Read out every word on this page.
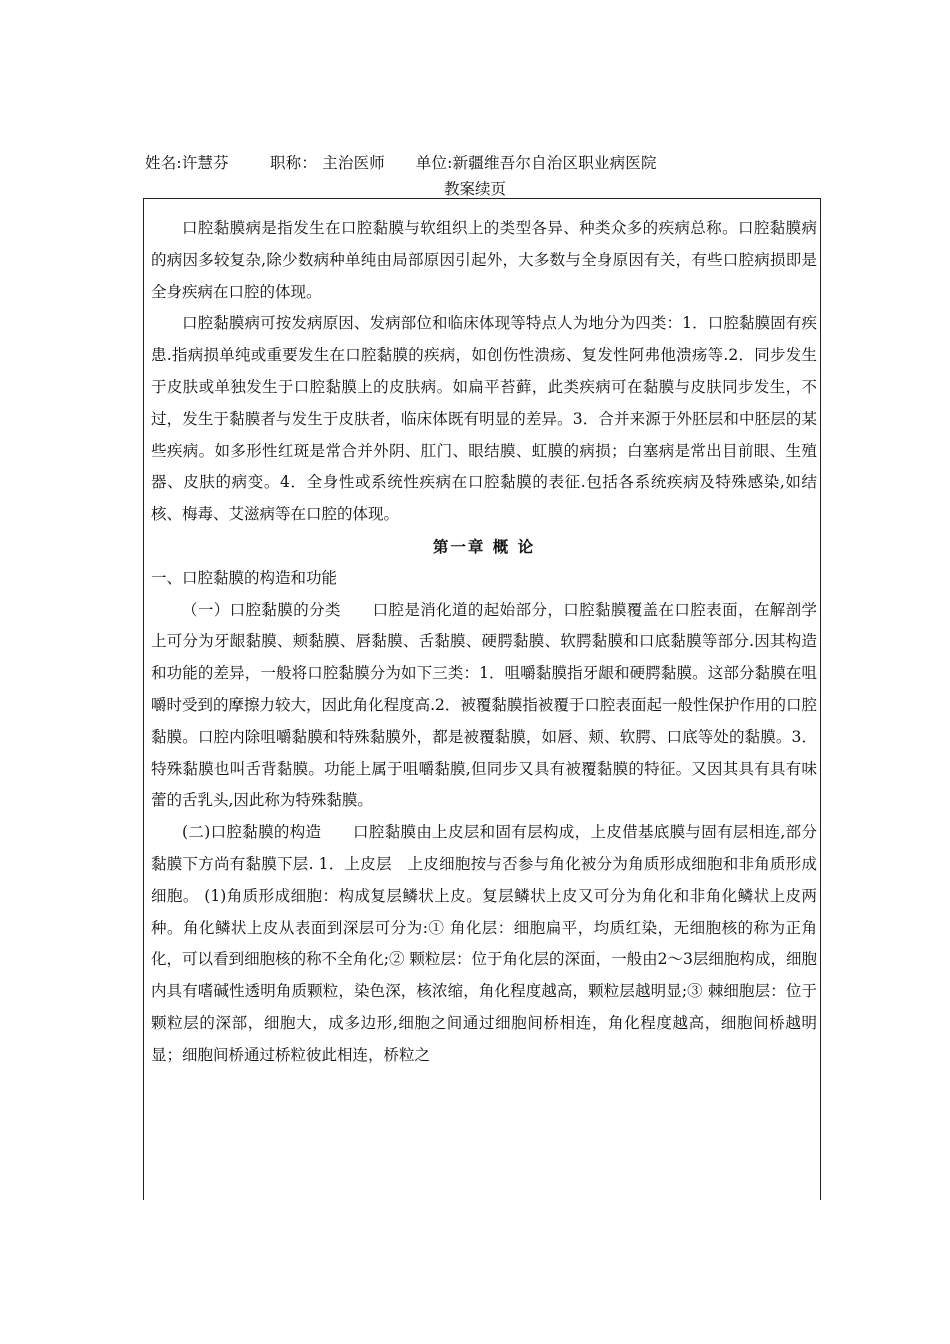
姓名:许慧芬	职称： 主治医师 单位:新疆维吾尔自治区职业病医院
教案续页

口腔黏膜病是指发生在口腔黏膜与软组织上的类型各异、种类众多的疾病总称。口腔黏膜病的病因多较复杂,除少数病种单纯由局部原因引起外，大多数与全身原因有关，有些口腔病损即是全身疾病在口腔的体现。

口腔黏膜病可按发病原因、发病部位和临床体现等特点人为地分为四类：1．口腔黏膜固有疾患.指病损单纯或重要发生在口腔黏膜的疾病，如创伤性溃疡、复发性阿弗他溃疡等.2．同步发生于皮肤或单独发生于口腔黏膜上的皮肤病。如扁平苔藓，此类疾病可在黏膜与皮肤同步发生，不过，发生于黏膜者与发生于皮肤者，临床体既有明显的差异。3．合并来源于外胚层和中胚层的某些疾病。如多形性红斑是常合并外阴、肛门、眼结膜、虹膜的病损；白塞病是常出目前眼、生殖器、皮肤的病变。4．全身性或系统性疾病在口腔黏膜的表征.包括各系统疾病及特殊感染,如结核、梅毒、艾滋病等在口腔的体现。

第一章 概 论

一、口腔黏膜的构造和功能

（一）口腔黏膜的分类　　口腔是消化道的起始部分，口腔黏膜覆盖在口腔表面，在解剖学上可分为牙龈黏膜、颊黏膜、唇黏膜、舌黏膜、硬腭黏膜、软腭黏膜和口底黏膜等部分.因其构造和功能的差异，一般将口腔黏膜分为如下三类：1．咀嚼黏膜指牙龈和硬腭黏膜。这部分黏膜在咀嚼时受到的摩擦力较大，因此角化程度高.2．被覆黏膜指被覆于口腔表面起一般性保护作用的口腔黏膜。口腔内除咀嚼黏膜和特殊黏膜外，都是被覆黏膜，如唇、颊、软腭、口底等处的黏膜。3．特殊黏膜也叫舌背黏膜。功能上属于咀嚼黏膜,但同步又具有被覆黏膜的特征。又因其具有具有味蕾的舌乳头,因此称为特殊黏膜。

(二)口腔黏膜的构造　　口腔黏膜由上皮层和固有层构成，上皮借基底膜与固有层相连,部分黏膜下方尚有黏膜下层. 1．上皮层　上皮细胞按与否参与角化被分为角质形成细胞和非角质形成细胞。 (1)角质形成细胞：构成复层鳞状上皮。复层鳞状上皮又可分为角化和非角化鳞状上皮两种。角化鳞状上皮从表面到深层可分为:① 角化层：细胞扁平，均质红染，无细胞核的称为正角化，可以看到细胞核的称不全角化;② 颗粒层：位于角化层的深面，一般由2～3层细胞构成，细胞内具有嗜碱性透明角质颗粒，染色深，核浓缩，角化程度越高，颗粒层越明显;③ 棘细胞层：位于颗粒层的深部，细胞大，成多边形,细胞之间通过细胞间桥相连，角化程度越高，细胞间桥越明显；细胞间桥通过桥粒彼此相连，桥粒之
